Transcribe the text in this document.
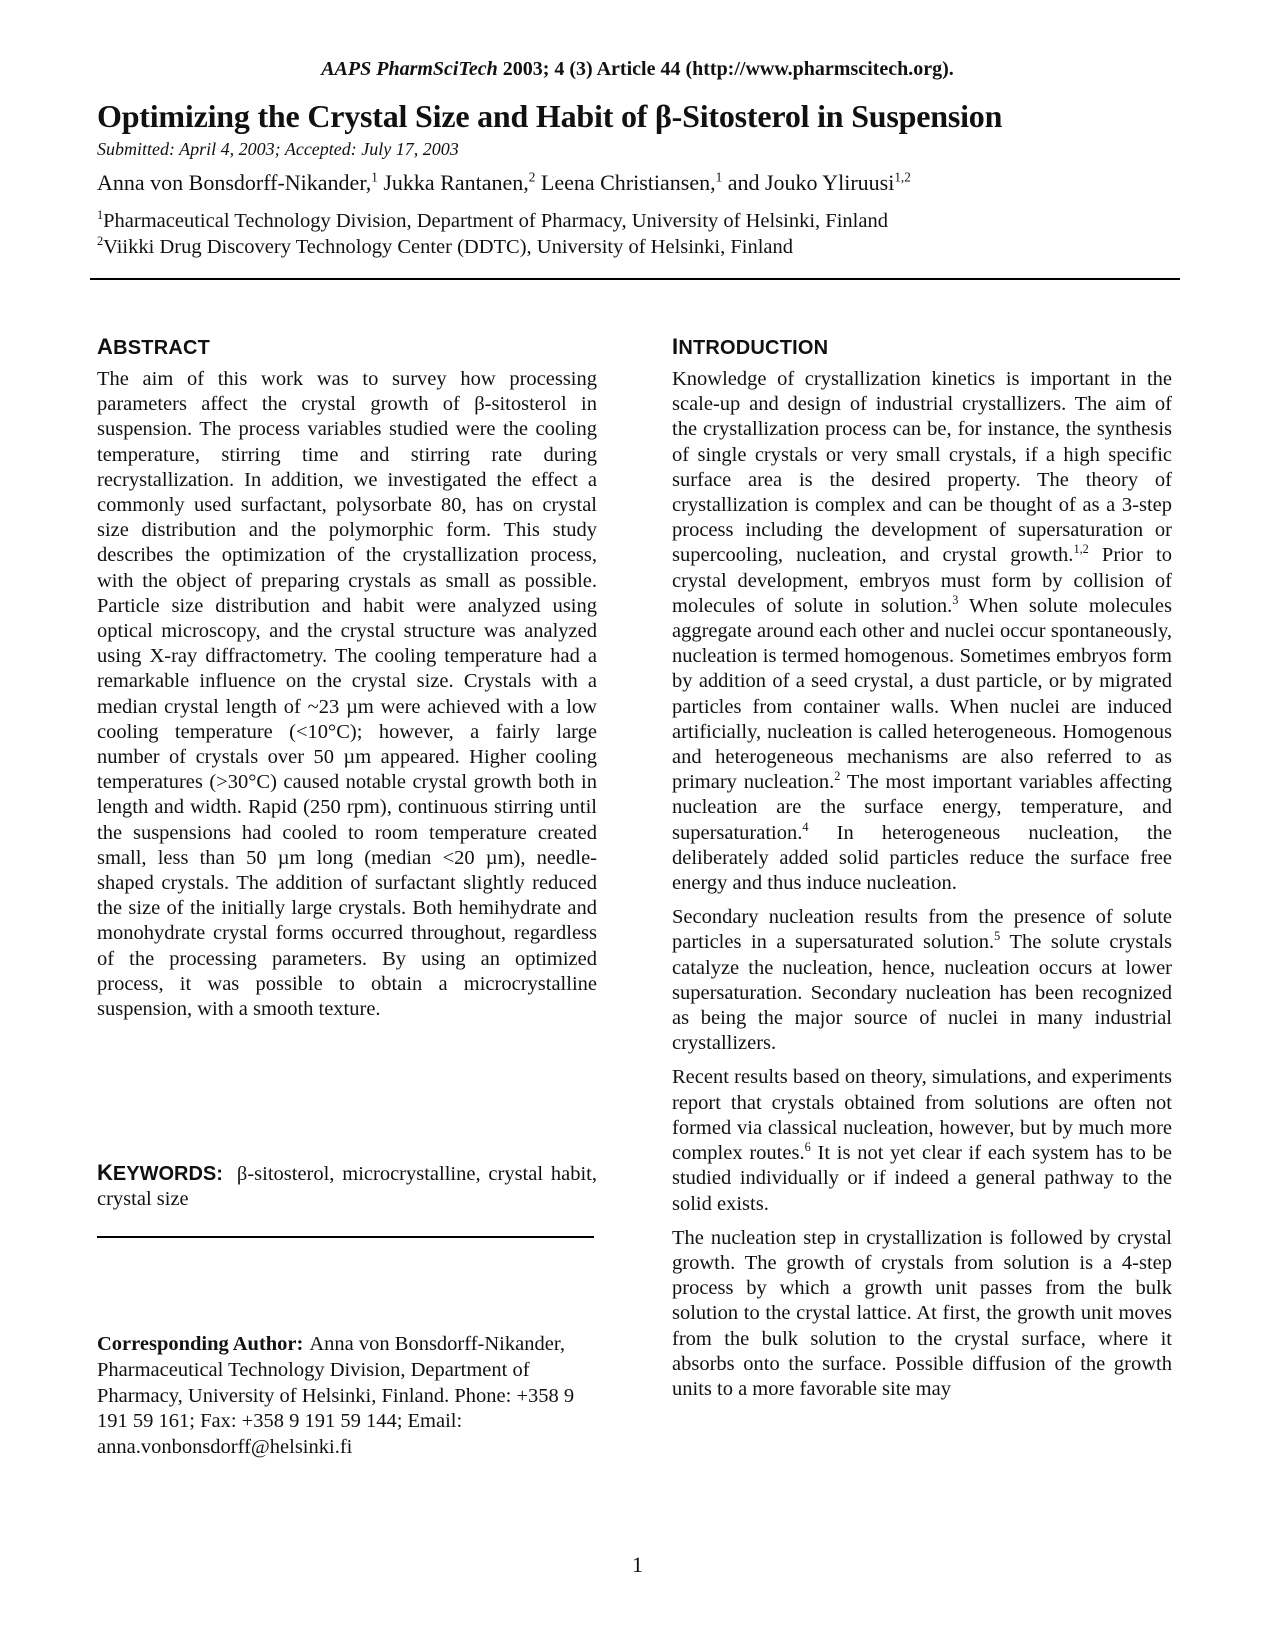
AAPS PharmSciTech 2003; 4 (3) Article 44 (http://www.pharmscitech.org).
Optimizing the Crystal Size and Habit of β-Sitosterol in Suspension
Submitted: April 4, 2003; Accepted: July 17, 2003
Anna von Bonsdorff-Nikander,$^1$ Jukka Rantanen,$^2$ Leena Christiansen,$^1$ and Jouko Yliruusi$^{1,2}$
$^1$Pharmaceutical Technology Division, Department of Pharmacy, University of Helsinki, Finland
$^2$Viikki Drug Discovery Technology Center (DDTC), University of Helsinki, Finland
ABSTRACT

The aim of this work was to survey how processing parameters affect the crystal growth of β-sitosterol in suspension. The process variables studied were the cooling temperature, stirring time and stirring rate during recrystallization. In addition, we investigated the effect a commonly used surfactant, polysorbate 80, has on crystal size distribution and the polymorphic form. This study describes the optimization of the crystallization process, with the object of preparing crystals as small as possible. Particle size distribution and habit were analyzed using optical microscopy, and the crystal structure was analyzed using X-ray diffractometry. The cooling temperature had a remarkable influence on the crystal size. Crystals with a median crystal length of ~23 µm were achieved with a low cooling temperature (<10°C); however, a fairly large number of crystals over 50 µm appeared. Higher cooling temperatures (>30°C) caused notable crystal growth both in length and width. Rapid (250 rpm), continuous stirring until the suspensions had cooled to room temperature created small, less than 50 µm long (median <20 µm), needle-shaped crystals. The addition of surfactant slightly reduced the size of the initially large crystals. Both hemihydrate and monohydrate crystal forms occurred throughout, regardless of the processing parameters. By using an optimized process, it was possible to obtain a microcrystalline suspension, with a smooth texture.

KEYWORDS: β-sitosterol, microcrystalline, crystal habit, crystal size
Corresponding Author: Anna von Bonsdorff-Nikander, Pharmaceutical Technology Division, Department of Pharmacy, University of Helsinki, Finland. Phone: +358 9 191 59 161; Fax: +358 9 191 59 144; Email: anna.vonbonsdorff@helsinki.fi
INTRODUCTION

Knowledge of crystallization kinetics is important in the scale-up and design of industrial crystallizers. The aim of the crystallization process can be, for instance, the synthesis of single crystals or very small crystals, if a high specific surface area is the desired property. The theory of crystallization is complex and can be thought of as a 3-step process including the development of supersaturation or supercooling, nucleation, and crystal growth.$^{1,2}$ Prior to crystal development, embryos must form by collision of molecules of solute in solution.$^3$ When solute molecules aggregate around each other and nuclei occur spontaneously, nucleation is termed homogenous. Sometimes embryos form by addition of a seed crystal, a dust particle, or by migrated particles from container walls. When nuclei are induced artificially, nucleation is called heterogeneous. Homogenous and heterogeneous mechanisms are also referred to as primary nucleation.$^2$ The most important variables affecting nucleation are the surface energy, temperature, and supersaturation.$^4$ In heterogeneous nucleation, the deliberately added solid particles reduce the surface free energy and thus induce nucleation.

Secondary nucleation results from the presence of solute particles in a supersaturated solution.$^5$ The solute crystals catalyze the nucleation, hence, nucleation occurs at lower supersaturation. Secondary nucleation has been recognized as being the major source of nuclei in many industrial crystallizers.

Recent results based on theory, simulations, and experiments report that crystals obtained from solutions are often not formed via classical nucleation, however, but by much more complex routes.$^6$ It is not yet clear if each system has to be studied individually or if indeed a general pathway to the solid exists.

The nucleation step in crystallization is followed by crystal growth. The growth of crystals from solution is a 4-step process by which a growth unit passes from the bulk solution to the crystal lattice. At first, the growth unit moves from the bulk solution to the crystal surface, where it absorbs onto the surface. Possible diffusion of the growth units to a more favorable site may

1
